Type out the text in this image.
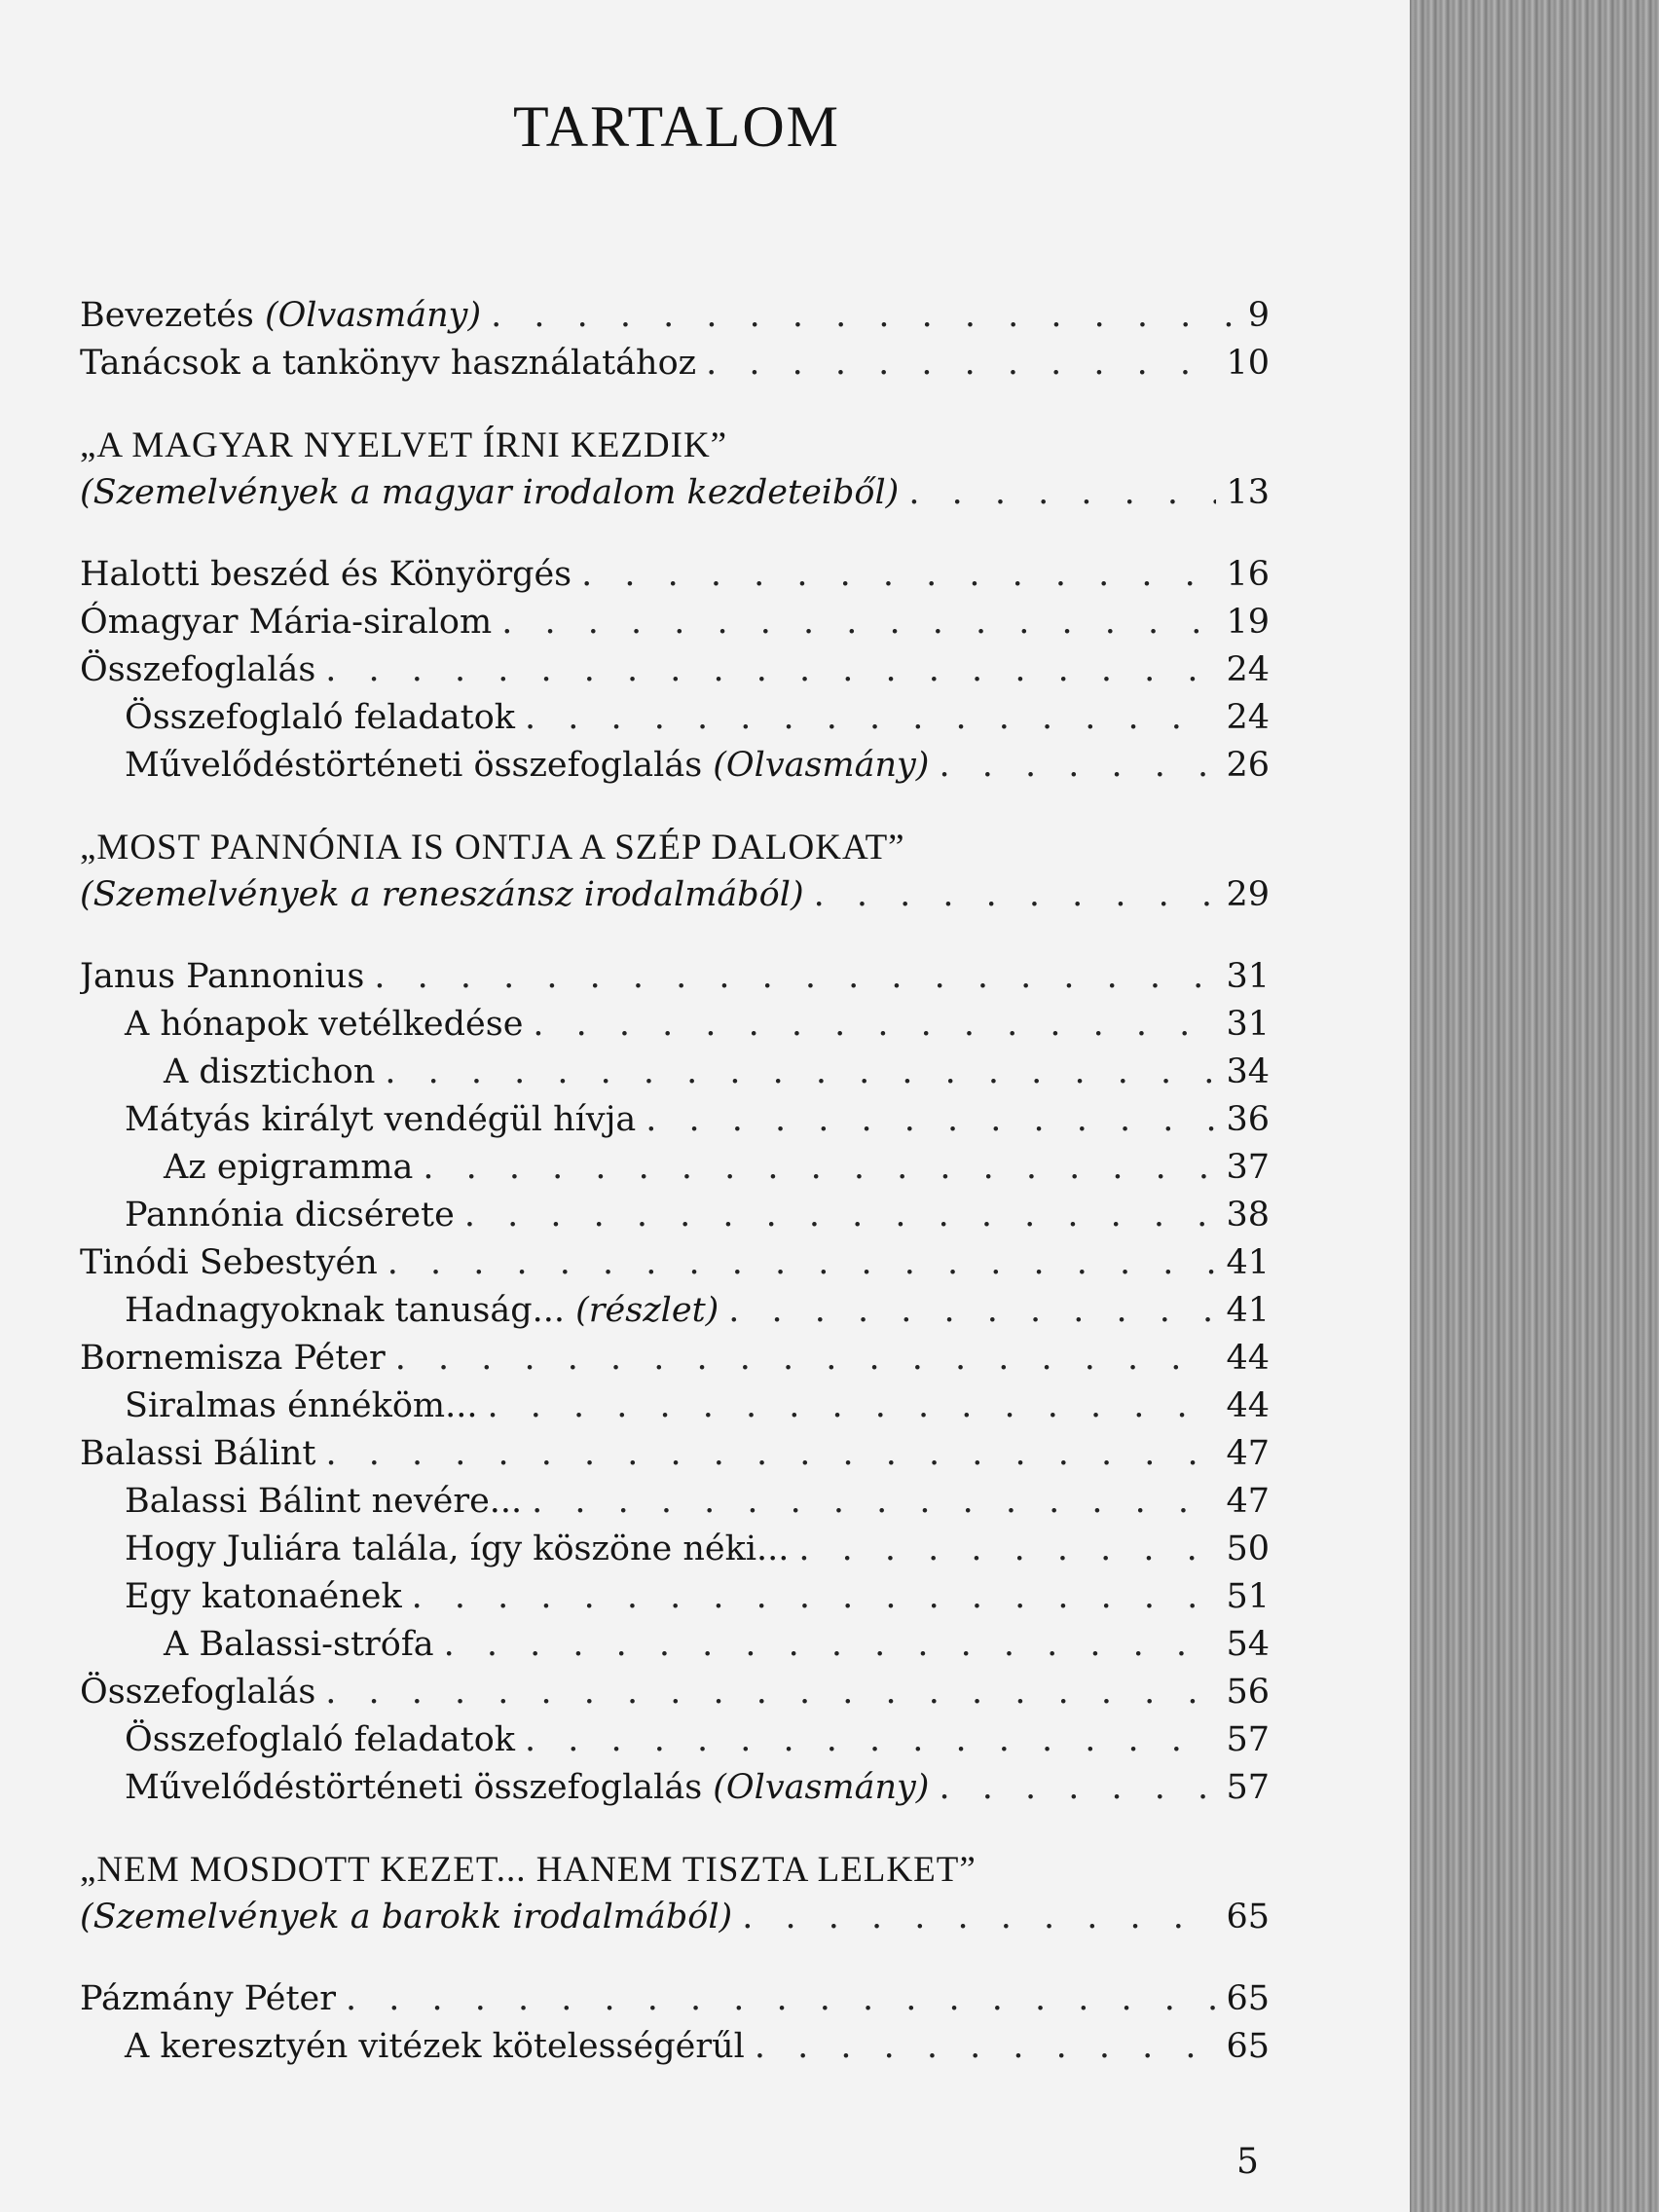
TARTALOM
Bevezetés (Olvasmány) . . .	9
Tanácsok a tankönyv használatához . . .	10
„A MAGYAR NYELVET ÍRNI KEZDIK”
(Szemelvények a magyar irodalom kezdeteiből) . . .	13
Halotti beszéd és Könyörgés . . .	16
Ómagyar Mária-siralom . . .	19
Összefoglalás . . .	24
Összefoglaló feladatok . . .	24
Művelődéstörténeti összefoglalás (Olvasmány) . . .	26
„MOST PANNÓNIA IS ONTJA A SZÉP DALOKAT”
(Szemelvények a reneszánsz irodalmából) . . .	29
Janus Pannonius . . .	31
A hónapok vetélkedése . . .	31
A disztichon . . .	34
Mátyás királyt vendégül hívja . . .	36
Az epigramma . . .	37
Pannónia dicsérete . . .	38
Tinódi Sebestyén . . .	41
Hadnagyoknak tanuság... (részlet) . . .	41
Bornemisza Péter . . .	44
Siralmas énnéköm... . . .	44
Balassi Bálint . . .	47
Balassi Bálint nevére... . . .	47
Hogy Juliára talála, így köszöne néki... . . .	50
Egy katonaének . . .	51
A Balassi-strófa . . .	54
Összefoglalás . . .	56
Összefoglaló feladatok . . .	57
Művelődéstörténeti összefoglalás (Olvasmány) . . .	57
„NEM MOSDOTT KEZET... HANEM TISZTA LELKET”
(Szemelvények a barokk irodalmából) . . .	65
Pázmány Péter . . .	65
A keresztyén vitézek kötelességérűl . . .	65
5
